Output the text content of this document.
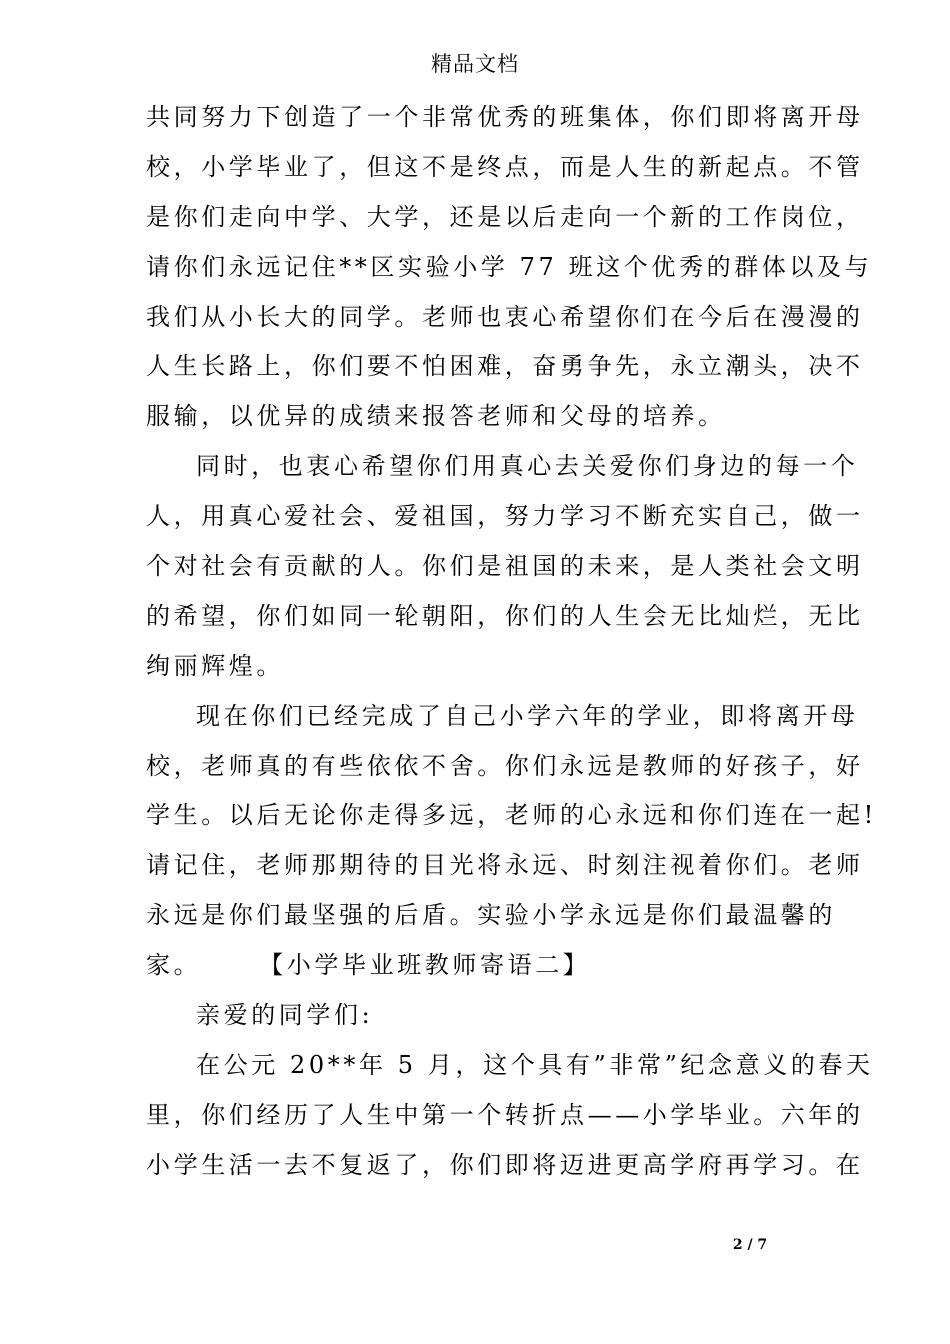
精品文档
共同努力下创造了一个非常优秀的班集体，你们即将离开母
校，小学毕业了，但这不是终点，而是人生的新起点。不管
是你们走向中学、大学，还是以后走向一个新的工作岗位，
请你们永远记住**区实验小学 77 班这个优秀的群体以及与
我们从小长大的同学。老师也衷心希望你们在今后在漫漫的
人生长路上，你们要不怕困难，奋勇争先，永立潮头，决不
服输，以优异的成绩来报答老师和父母的培养。
同时，也衷心希望你们用真心去关爱你们身边的每一个
人，用真心爱社会、爱祖国，努力学习不断充实自己，做一
个对社会有贡献的人。你们是祖国的未来，是人类社会文明
的希望，你们如同一轮朝阳，你们的人生会无比灿烂，无比
绚丽辉煌。
现在你们已经完成了自己小学六年的学业，即将离开母
校，老师真的有些依依不舍。你们永远是教师的好孩子，好
学生。以后无论你走得多远，老师的心永远和你们连在一起!
请记住，老师那期待的目光将永远、时刻注视着你们。老师
永远是你们最坚强的后盾。实验小学永远是你们最温馨的
家。 【小学毕业班教师寄语二】
亲爱的同学们:
在公元 20**年 5 月，这个具有”非常”纪念意义的春天
里，你们经历了人生中第一个转折点——小学毕业。六年的
小学生活一去不复返了，你们即将迈进更高学府再学习。在
2 / 7
